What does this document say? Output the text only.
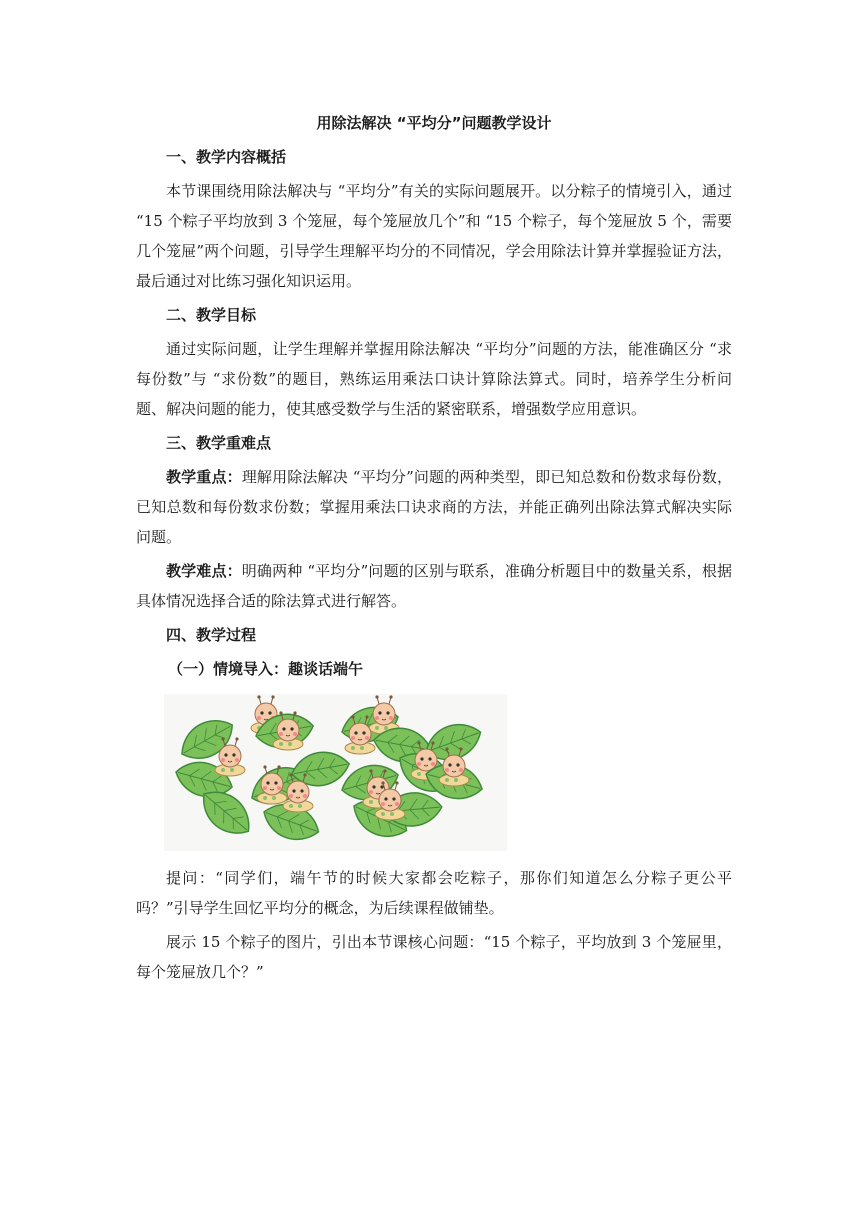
用除法解决 “平均分”问题教学设计
一、教学内容概括

本节课围绕用除法解决与 “平均分”有关的实际问题展开。以分粽子的情境引入，通过 “15 个粽子平均放到 3 个笼屉，每个笼屉放几个”和 “15 个粽子，每个笼屉放 5 个，需要几个笼屉”两个问题，引导学生理解平均分的不同情况，学会用除法计算并掌握验证方法，最后通过对比练习强化知识运用。

二、教学目标

通过实际问题，让学生理解并掌握用除法解决 “平均分”问题的方法，能准确区分 “求每份数”与 “求份数”的题目，熟练运用乘法口诀计算除法算式。同时，培养学生分析问题、解决问题的能力，使其感受数学与生活的紧密联系，增强数学应用意识。

三、教学重难点

教学重点：理解用除法解决 “平均分”问题的两种类型，即已知总数和份数求每份数，已知总数和每份数求份数；掌握用乘法口诀求商的方法，并能正确列出除法算式解决实际问题。

教学难点：明确两种 “平均分”问题的区别与联系，准确分析题目中的数量关系，根据具体情况选择合适的除法算式进行解答。

四、教学过程
（一）情境导入：趣谈话端午

提问：“同学们，端午节的时候大家都会吃粽子，那你们知道怎么分粽子更公平吗？”引导学生回忆平均分的概念，为后续课程做铺垫。

展示 15 个粽子的图片，引出本节课核心问题：“15 个粽子，平均放到 3 个笼屉里，每个笼屉放几个？”
